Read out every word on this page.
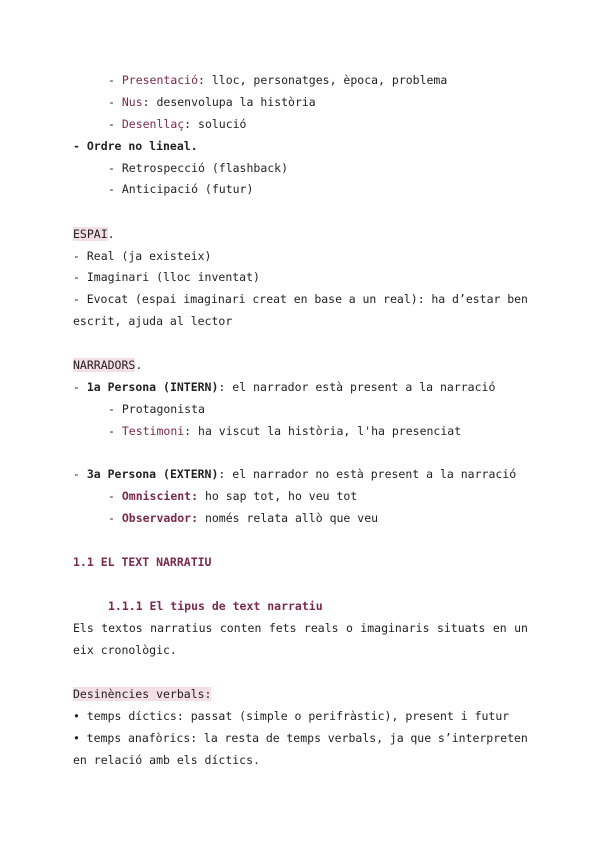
- Presentació: lloc, personatges, època, problema
- Nus: desenvolupa la història
- Desenllaç: solució
- Ordre no lineal.
- Retrospecció (flashback)
- Anticipació (futur)
ESPAI.
- Real (ja existeix)
- Imaginari (lloc inventat)
- Evocat (espai imaginari creat en base a un real): ha d’estar ben
escrit, ajuda al lector
NARRADORS.
- 1a Persona (INTERN): el narrador està present a la narració
- Protagonista
- Testimoni: ha viscut la història, l'ha presenciat
- 3a Persona (EXTERN): el narrador no està present a la narració
- Omniscient: ho sap tot, ho veu tot
- Observador: només relata allò que veu
1.1 EL TEXT NARRATIU
1.1.1 El tipus de text narratiu
Els textos narratius conten fets reals o imaginaris situats en un
eix cronològic.
Desinències verbals:
• temps díctics: passat (simple o perifràstic), present i futur
• temps anafòrics: la resta de temps verbals, ja que s’interpreten
en relació amb els díctics.
